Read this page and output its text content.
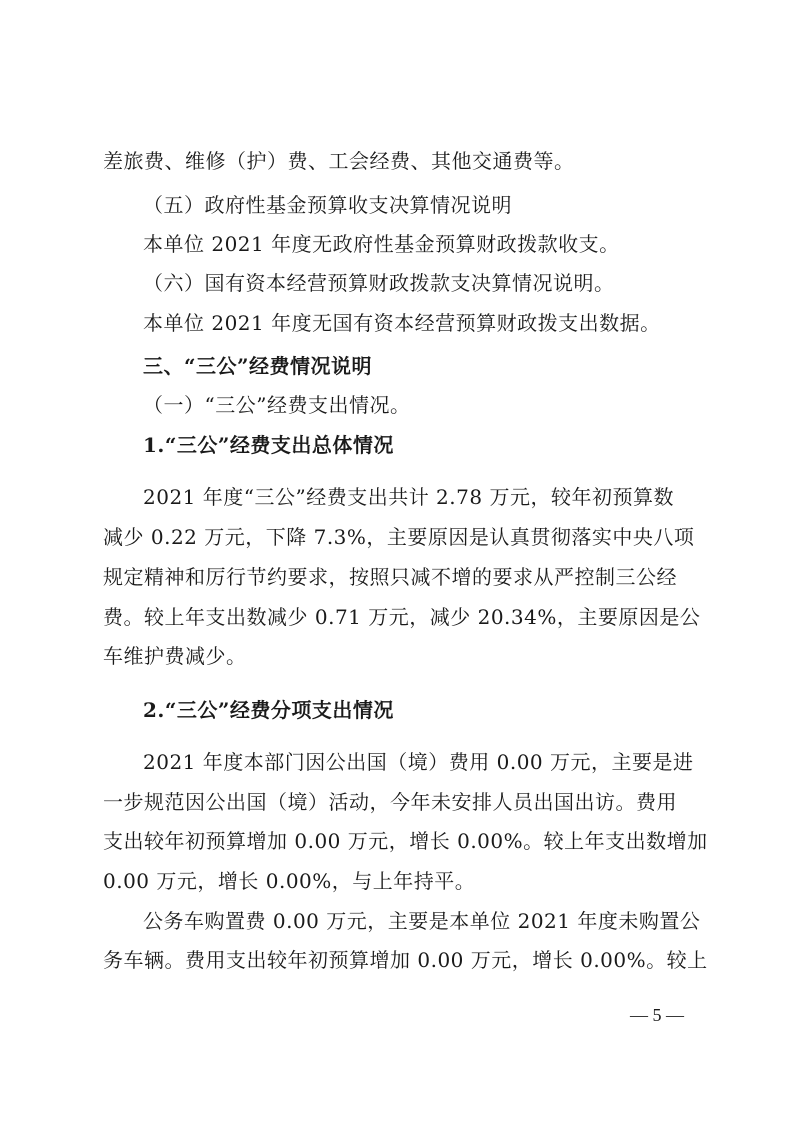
差旅费、维修（护）费、工会经费、其他交通费等。
（五）政府性基金预算收支决算情况说明
本单位 2021 年度无政府性基金预算财政拨款收支。
（六）国有资本经营预算财政拨款支决算情况说明。
本单位 2021 年度无国有资本经营预算财政拨支出数据。
三、“三公”经费情况说明
（一）“三公”经费支出情况。
1.“三公”经费支出总体情况
2021 年度“三公”经费支出共计 2.78 万元，较年初预算数
减少 0.22 万元，下降 7.3%，主要原因是认真贯彻落实中央八项
规定精神和厉行节约要求，按照只减不增的要求从严控制三公经
费。较上年支出数减少 0.71 万元，减少 20.34%，主要原因是公
车维护费减少。
2.“三公”经费分项支出情况
2021 年度本部门因公出国（境）费用 0.00 万元，主要是进
一步规范因公出国（境）活动，今年未安排人员出国出访。费用
支出较年初预算增加 0.00 万元，增长 0.00%。较上年支出数增加
0.00 万元，增长 0.00%，与上年持平。
公务车购置费 0.00 万元，主要是本单位 2021 年度未购置公
务车辆。费用支出较年初预算增加 0.00 万元，增长 0.00%。较上
— 5 —
